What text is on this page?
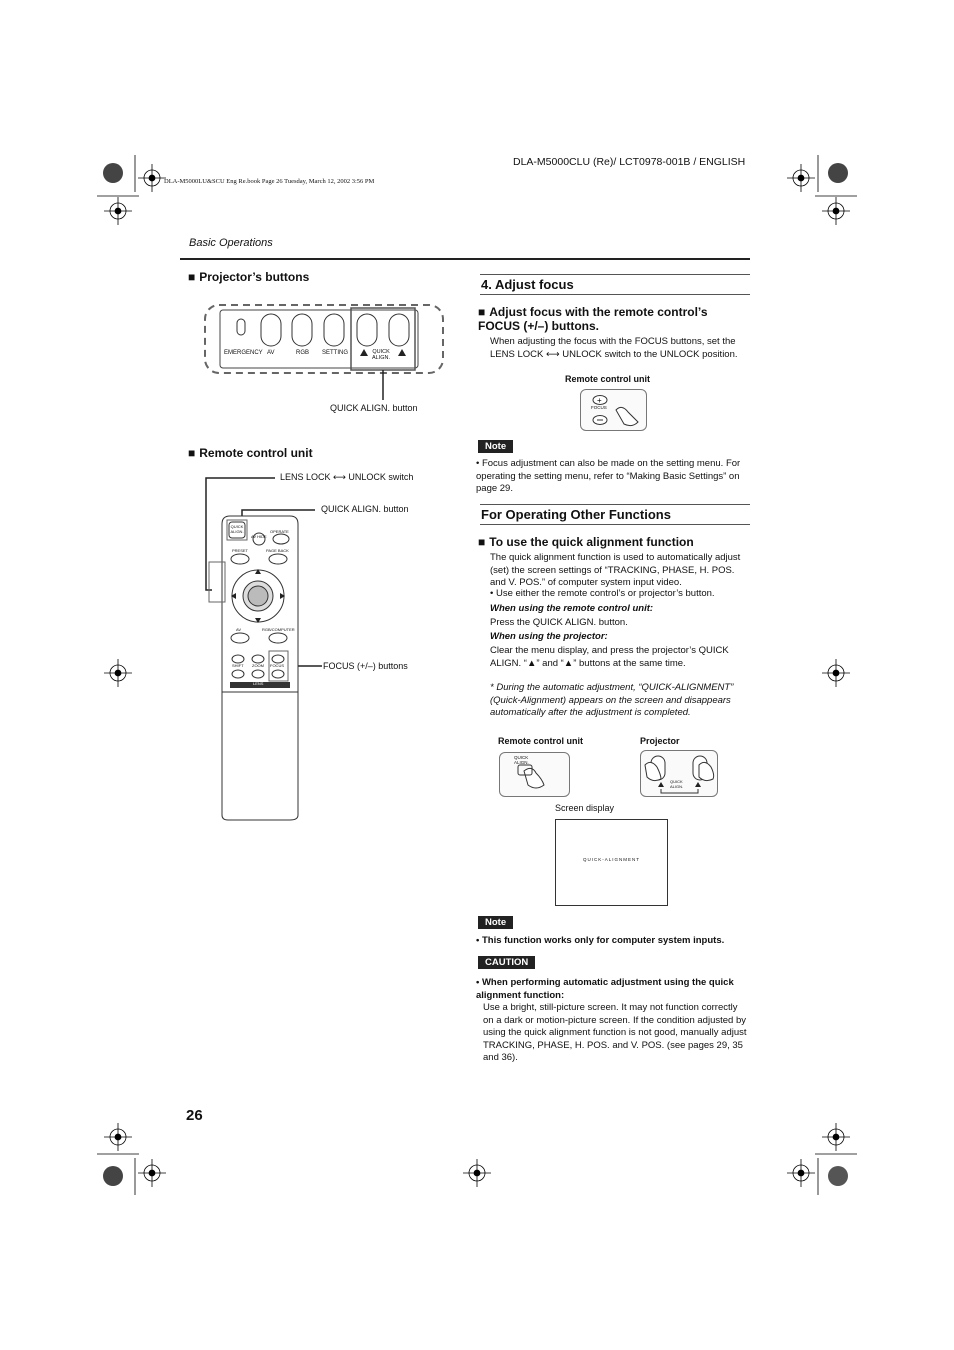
DLA-M5000CLU (Re)/ LCT0978-001B / ENGLISH
DLA-M5000LU&SCU Eng Re.book Page 26 Tuesday, March 12, 2002 3:56 PM
Basic Operations
■ Projector’s buttons
EMERGENCY AV	RGB SETTING	QUICK
ALIGN.
QUICK ALIGN. button
■ Remote control unit
LENS LOCK ⟷ UNLOCK switch
QUICK ALIGN. button
FOCUS (+/–) buttons
QUICK ALIGN.	OPERATE
AV HIDE
PRESET	PAGE BACK
AV	RGB/COMPUTER
SHIFT ZOOM FOCUS
LENS
4. Adjust focus
■ Adjust focus with the remote control’s FOCUS (+/–) buttons.
When adjusting the focus with the FOCUS buttons, set the LENS LOCK ⟷ UNLOCK switch to the UNLOCK position.
Remote control unit
+
FOCUS
Note
• Focus adjustment can also be made on the setting menu. For operating the setting menu, refer to “Making Basic Settings” on page 29.
For Operating Other Functions
■ To use the quick alignment function
The quick alignment function is used to automatically adjust (set) the screen settings of “TRACKING, PHASE, H. POS. and V. POS.” of computer system input video.
• Use either the remote control’s or projector’s button.
When using the remote control unit:
Press the QUICK ALIGN. button.
When using the projector:
Clear the menu display, and press the projector’s QUICK ALIGN. “▲” and “▲” buttons at the same time.
* During the automatic adjustment, “QUICK-ALIGNMENT” (Quick-Alignment) appears on the screen and disappears automatically after the adjustment is completed.
Remote control unit	Projector
QUICK
ALIGN.
QUICK
ALIGN.
Screen display
QUICK-ALIGNMENT
Note
• This function works only for computer system inputs.
CAUTION
• When performing automatic adjustment using the quick alignment function:
Use a bright, still-picture screen. It may not function correctly on a dark or motion-picture screen. If the condition adjusted by using the quick alignment function is not good, manually adjust TRACKING, PHASE, H. POS. and V. POS. (see pages 29, 35 and 36).
26
